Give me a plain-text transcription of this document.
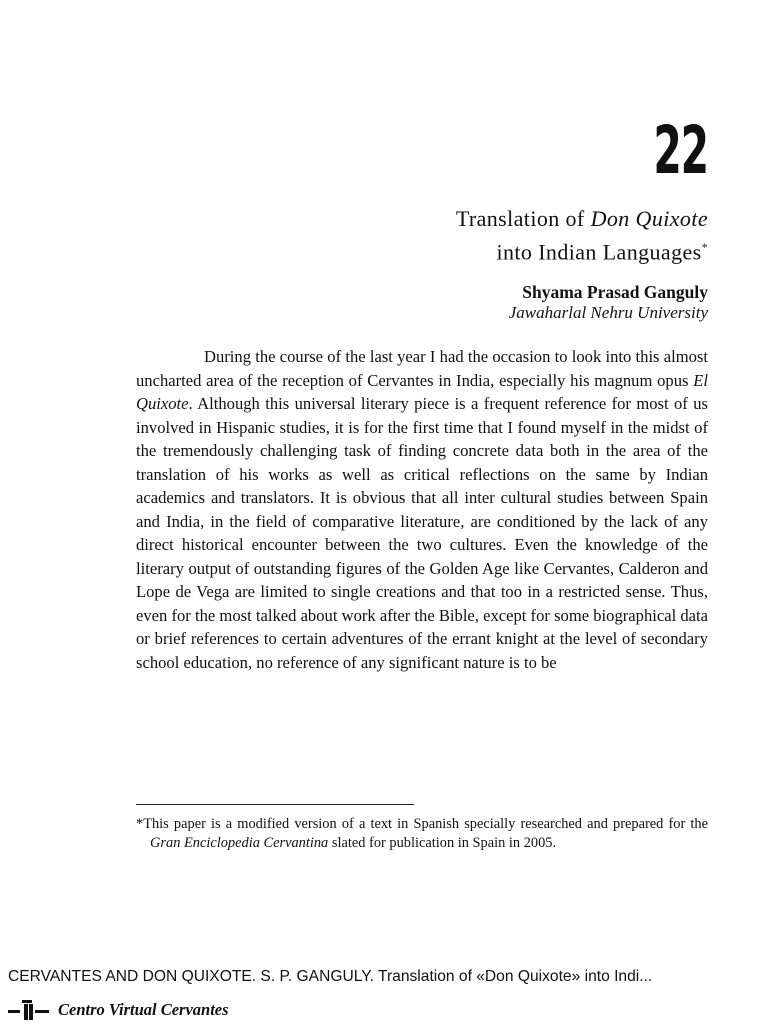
22
Translation of Don Quixote
into Indian Languages*
Shyama Prasad Ganguly
Jawaharlal Nehru University

During the course of the last year I had the occasion to look into this almost uncharted area of the reception of Cervantes in India, especially his magnum opus El Quixote. Although this universal literary piece is a frequent reference for most of us involved in Hispanic studies, it is for the first time that I found myself in the midst of the tremendously challenging task of finding concrete data both in the area of the translation of his works as well as critical reflections on the same by Indian academics and translators. It is obvious that all inter cultural studies between Spain and India, in the field of comparative literature, are conditioned by the lack of any direct historical encounter between the two cultures. Even the knowledge of the literary output of outstanding figures of the Golden Age like Cervantes, Calderon and Lope de Vega are limited to single creations and that too in a restricted sense. Thus, even for the most talked about work after the Bible, except for some biographical data or brief references to certain adventures of the errant knight at the level of secondary school education, no reference of any significant nature is to be

*This paper is a modified version of a text in Spanish specially researched and prepared for the Gran Enciclopedia Cervantina slated for publication in Spain in 2005.

CERVANTES AND DON QUIXOTE. S. P. GANGULY. Translation of «Don Quixote» into Indi...
Centro Virtual Cervantes
